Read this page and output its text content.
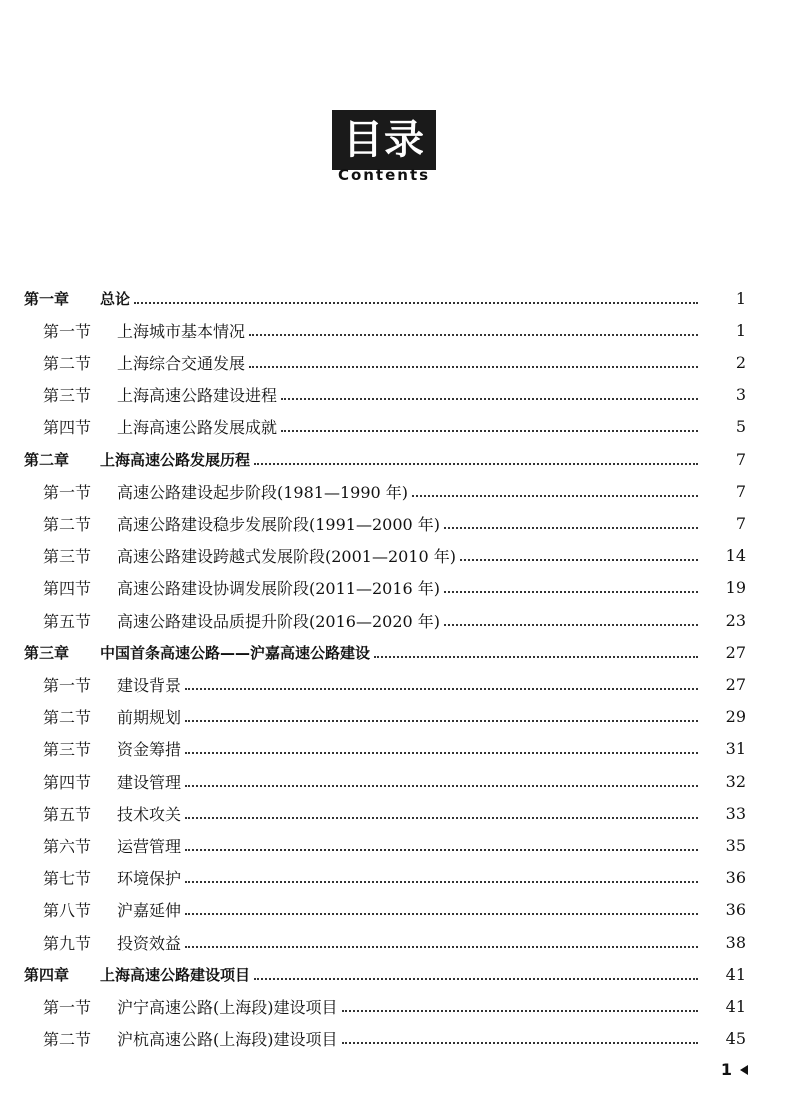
目录
Contents
第一章	总论	1
第一节	上海城市基本情况	1
第二节	上海综合交通发展	2
第三节	上海高速公路建设进程	3
第四节	上海高速公路发展成就	5
第二章	上海高速公路发展历程	7
第一节	高速公路建设起步阶段(1981—1990 年)	7
第二节	高速公路建设稳步发展阶段(1991—2000 年)	7
第三节	高速公路建设跨越式发展阶段(2001—2010 年)	14
第四节	高速公路建设协调发展阶段(2011—2016 年)	19
第五节	高速公路建设品质提升阶段(2016—2020 年)	23
第三章	中国首条高速公路——沪嘉高速公路建设	27
第一节	建设背景	27
第二节	前期规划	29
第三节	资金筹措	31
第四节	建设管理	32
第五节	技术攻关	33
第六节	运营管理	35
第七节	环境保护	36
第八节	沪嘉延伸	36
第九节	投资效益	38
第四章	上海高速公路建设项目	41
第一节	沪宁高速公路(上海段)建设项目	41
第二节	沪杭高速公路(上海段)建设项目	45
1
